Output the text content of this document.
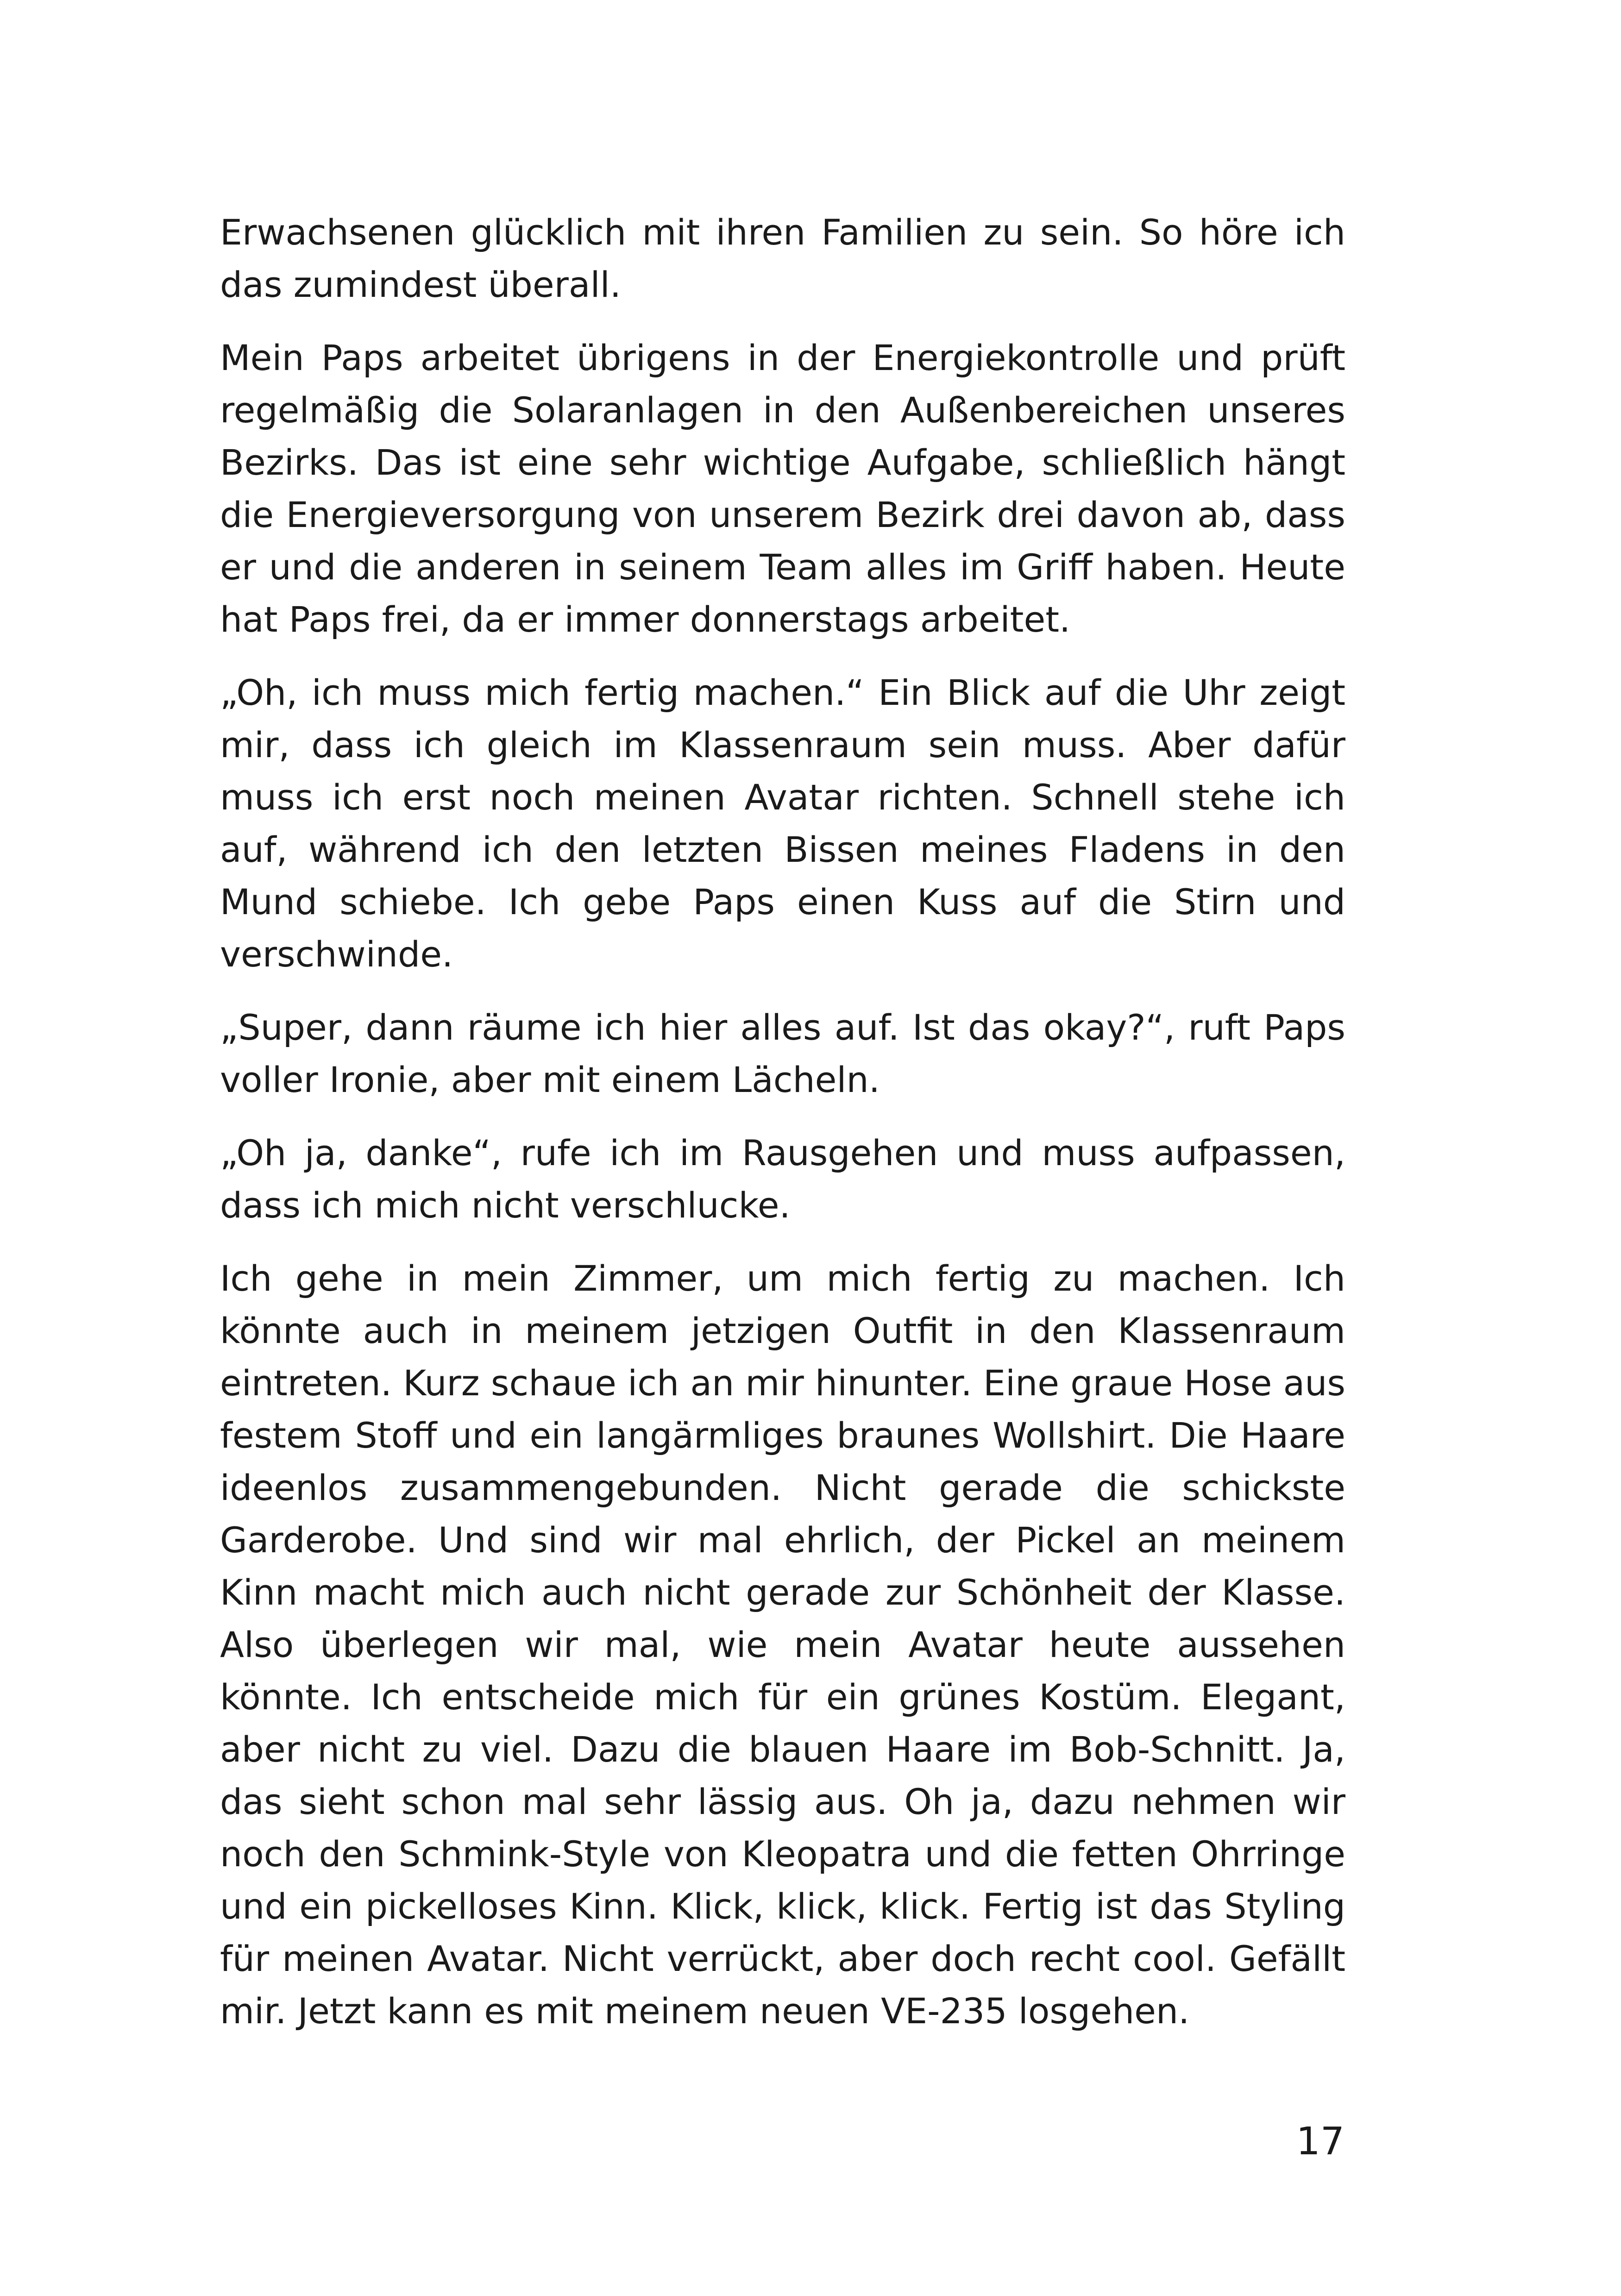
Erwachsenen glücklich mit ihren Familien zu sein. So höre ich das zumindest überall.

Mein Paps arbeitet übrigens in der Energiekontrolle und prüft regelmäßig die Solaranlagen in den Außenbereichen unseres Bezirks. Das ist eine sehr wichtige Aufgabe, schließlich hängt die Energieversorgung von unserem Bezirk drei davon ab, dass er und die anderen in seinem Team alles im Griff haben. Heute hat Paps frei, da er immer donnerstags arbeitet.

„Oh, ich muss mich fertig machen.“ Ein Blick auf die Uhr zeigt mir, dass ich gleich im Klassenraum sein muss. Aber dafür muss ich erst noch meinen Avatar richten. Schnell stehe ich auf, während ich den letzten Bissen meines Fladens in den Mund schiebe. Ich gebe Paps einen Kuss auf die Stirn und verschwinde.

„Super, dann räume ich hier alles auf. Ist das okay?“, ruft Paps voller Ironie, aber mit einem Lächeln.

„Oh ja, danke“, rufe ich im Rausgehen und muss aufpassen, dass ich mich nicht verschlucke.

Ich gehe in mein Zimmer, um mich fertig zu machen. Ich könnte auch in meinem jetzigen Outfit in den Klassenraum eintreten. Kurz schaue ich an mir hinunter. Eine graue Hose aus festem Stoff und ein langärmliges braunes Wollshirt. Die Haare ideenlos zusammengebunden. Nicht gerade die schickste Garderobe. Und sind wir mal ehrlich, der Pickel an meinem Kinn macht mich auch nicht gerade zur Schönheit der Klasse. Also überlegen wir mal, wie mein Avatar heute aussehen könnte. Ich entscheide mich für ein grünes Kostüm. Elegant, aber nicht zu viel. Dazu die blauen Haare im Bob-Schnitt. Ja, das sieht schon mal sehr lässig aus. Oh ja, dazu nehmen wir noch den Schmink-Style von Kleopatra und die fetten Ohrringe und ein pickelloses Kinn. Klick, klick, klick. Fertig ist das Styling für meinen Avatar. Nicht verrückt, aber doch recht cool. Gefällt mir. Jetzt kann es mit meinem neuen VE-235 losgehen.

17
